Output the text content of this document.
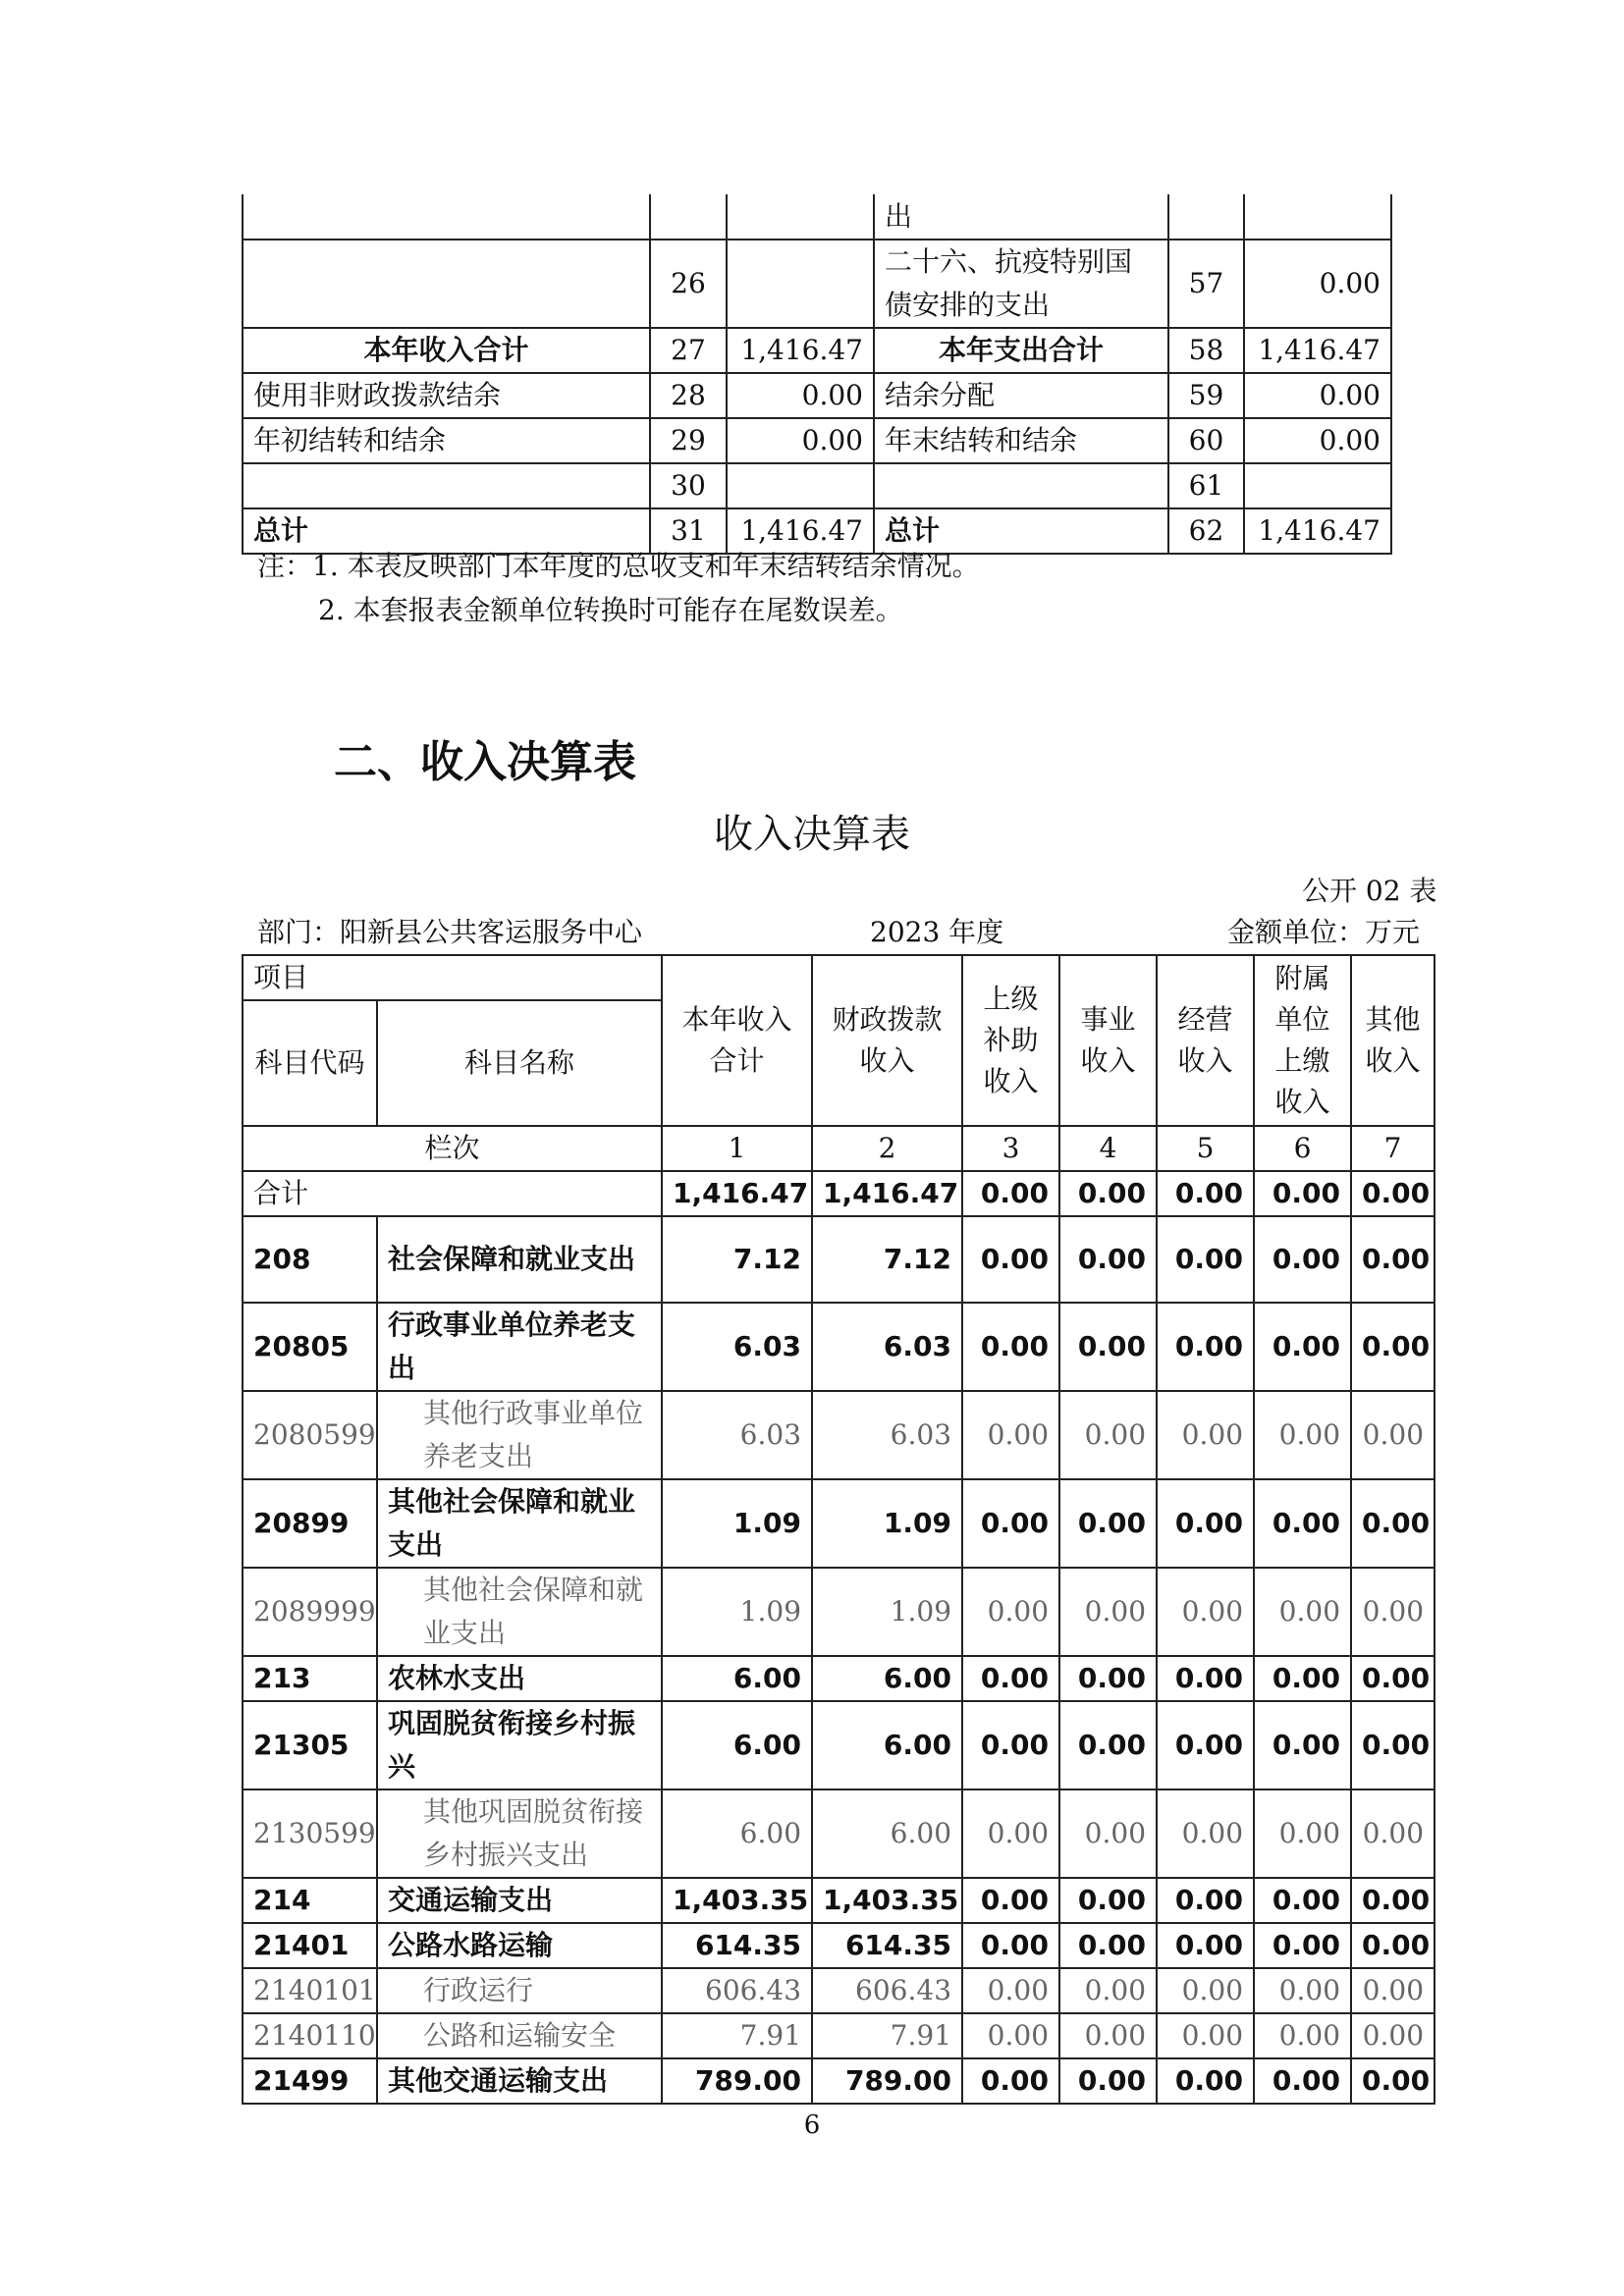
			出		
	26		二十六、抗疫特别国债安排的支出	57	0.00
本年收入合计	27	1,416.47	本年支出合计	58	1,416.47
使用非财政拨款结余	28	0.00	结余分配	59	0.00
年初结转和结余	29	0.00	年末结转和结余	60	0.00
	30			61	
总计	31	1,416.47	总计	62	1,416.47
注：1. 本表反映部门本年度的总收支和年末结转结余情况。
2. 本套报表金额单位转换时可能存在尾数误差。
二、收入决算表
收入决算表
公开 02 表
部门：阳新县公共客运服务中心	2023 年度	金额单位：万元
项目		本年收入合计	财政拨款收入	上级补助收入	事业收入	经营收入	附属单位上缴收入	其他收入
科目代码	科目名称							
栏次		1	2	3	4	5	6	7
合计		1,416.47	1,416.47	0.00	0.00	0.00	0.00	0.00
208	社会保障和就业支出	7.12	7.12	0.00	0.00	0.00	0.00	0.00
20805	行政事业单位养老支出	6.03	6.03	0.00	0.00	0.00	0.00	0.00
2080599	其他行政事业单位养老支出	6.03	6.03	0.00	0.00	0.00	0.00	0.00
20899	其他社会保障和就业支出	1.09	1.09	0.00	0.00	0.00	0.00	0.00
2089999	其他社会保障和就业支出	1.09	1.09	0.00	0.00	0.00	0.00	0.00
213	农林水支出	6.00	6.00	0.00	0.00	0.00	0.00	0.00
21305	巩固脱贫衔接乡村振兴	6.00	6.00	0.00	0.00	0.00	0.00	0.00
2130599	其他巩固脱贫衔接乡村振兴支出	6.00	6.00	0.00	0.00	0.00	0.00	0.00
214	交通运输支出	1,403.35	1,403.35	0.00	0.00	0.00	0.00	0.00
21401	公路水路运输	614.35	614.35	0.00	0.00	0.00	0.00	0.00
2140101	行政运行	606.43	606.43	0.00	0.00	0.00	0.00	0.00
2140110	公路和运输安全	7.91	7.91	0.00	0.00	0.00	0.00	0.00
21499	其他交通运输支出	789.00	789.00	0.00	0.00	0.00	0.00	0.00
6
